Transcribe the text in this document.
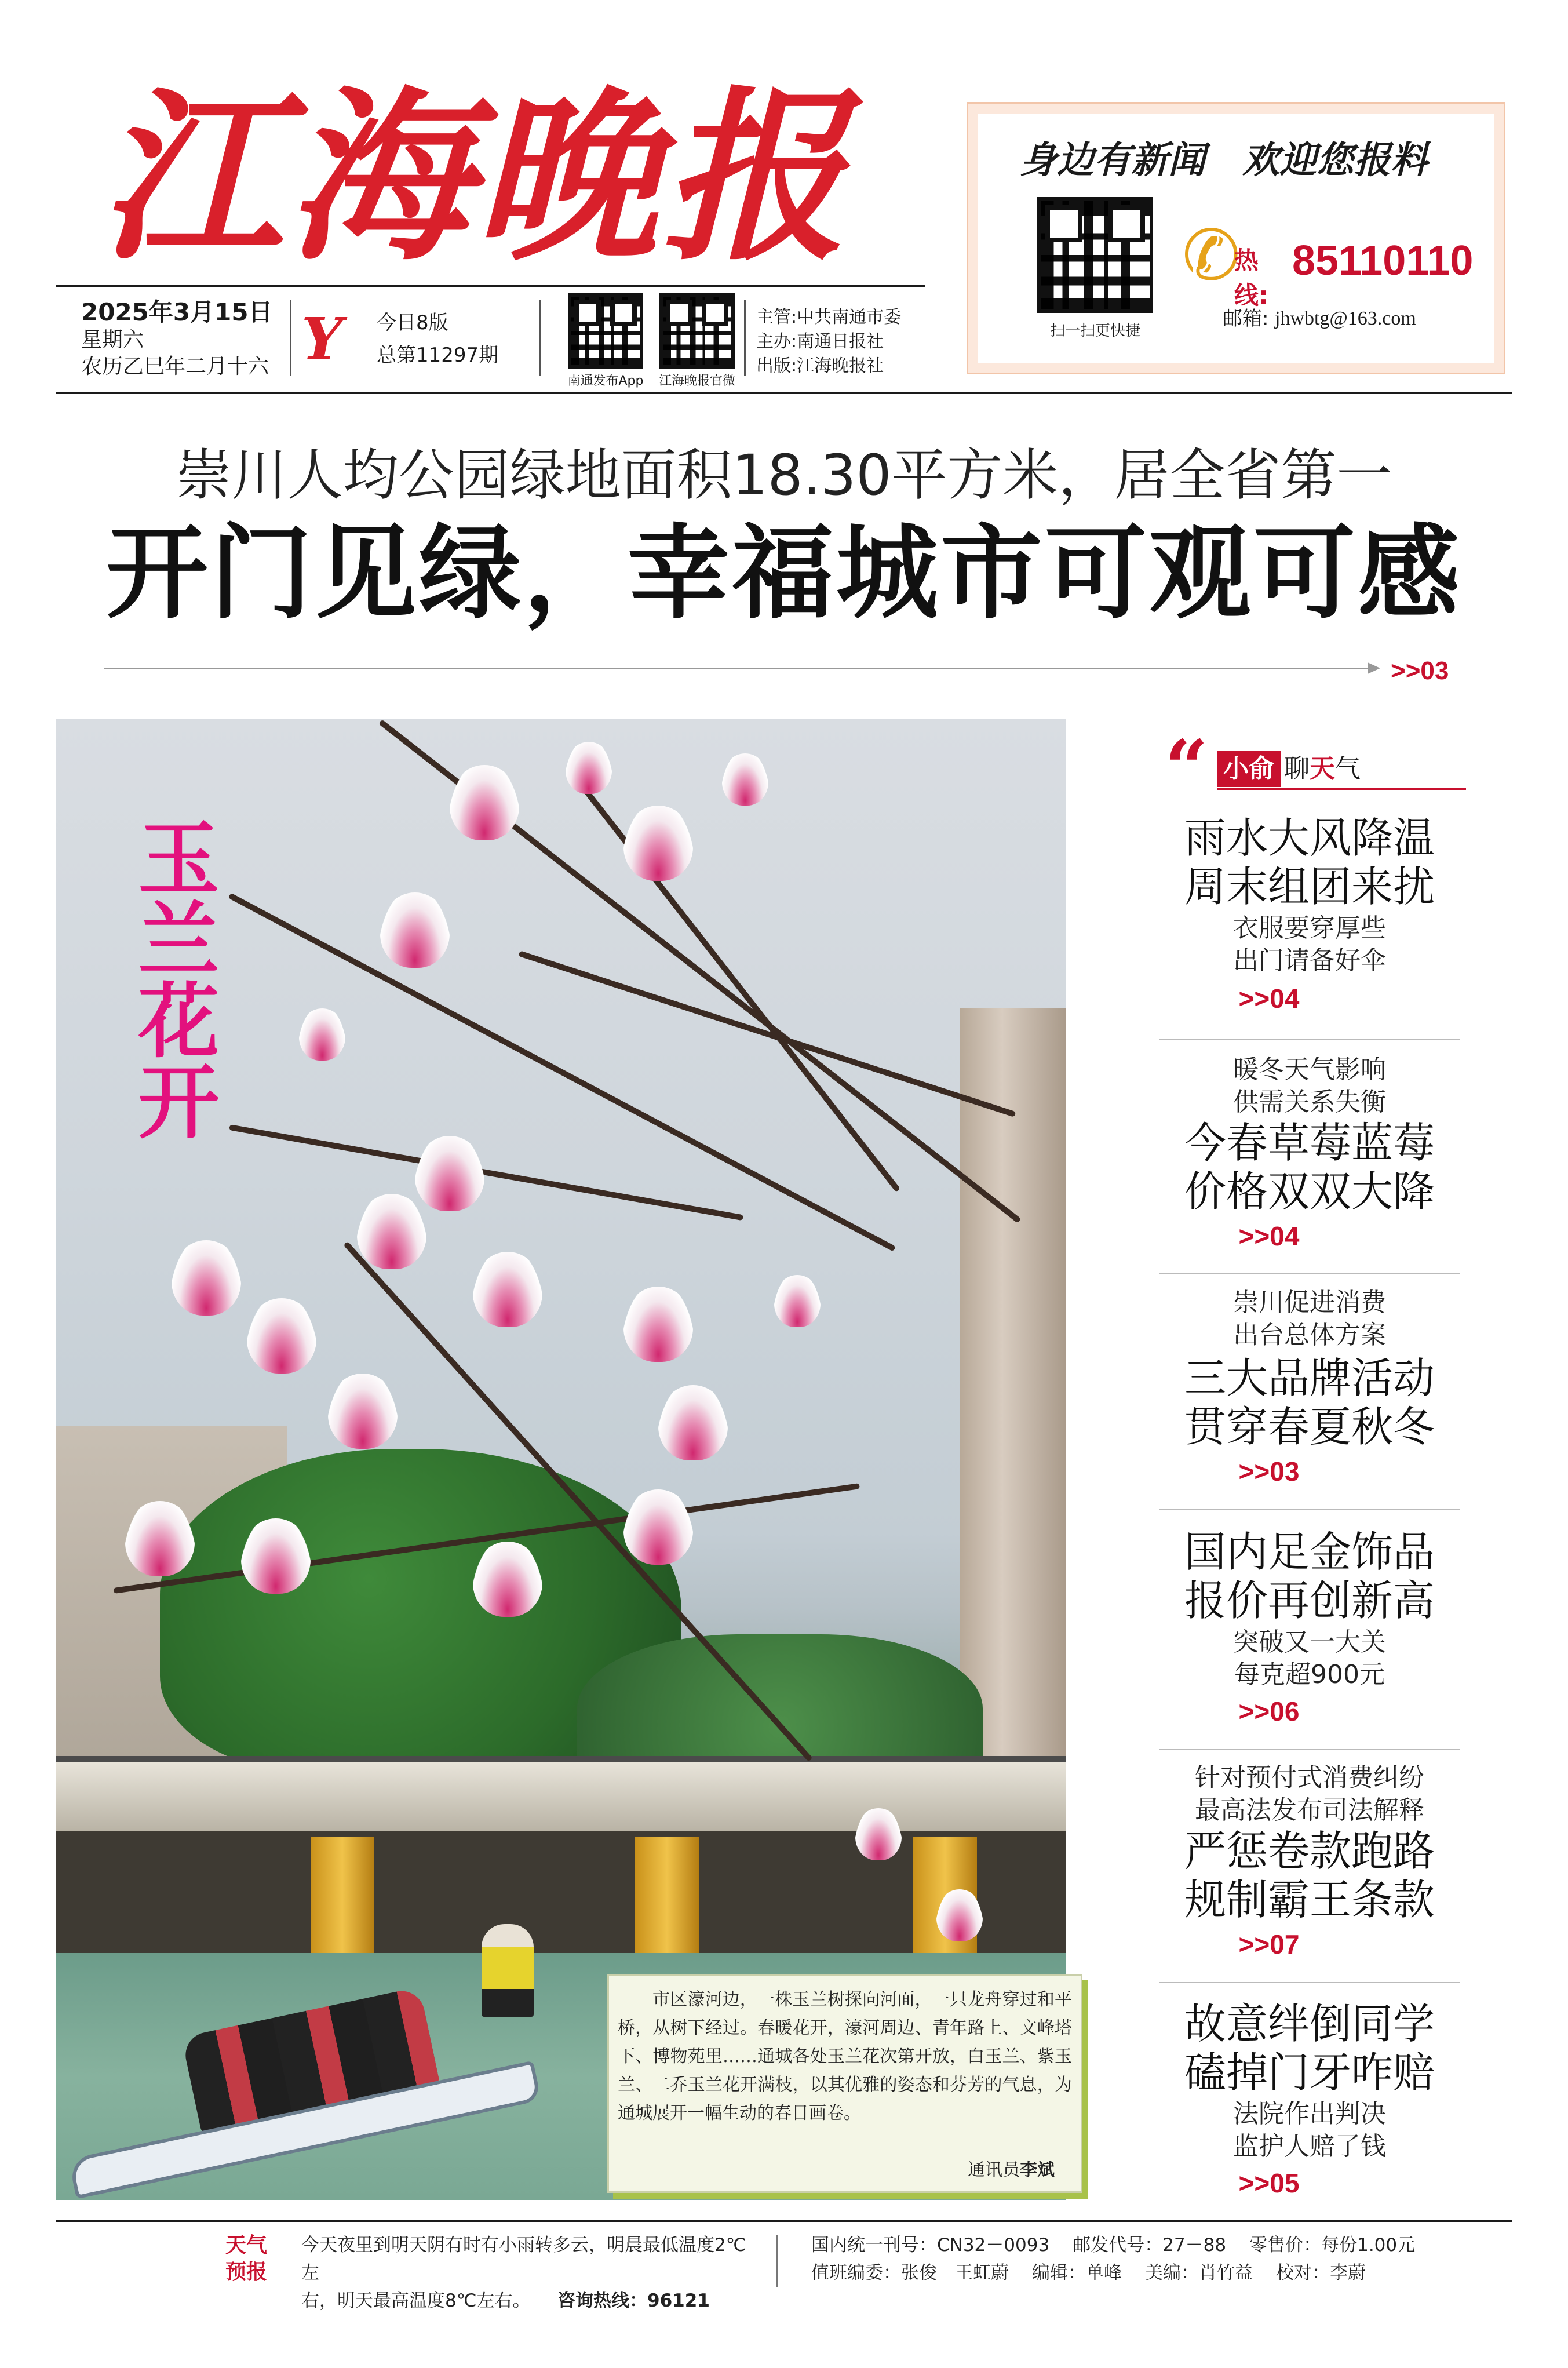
江海晚报	身边有新闻　欢迎您报料
扫一扫更快捷
✆
热线:
85110110
邮箱: jhwbtg@163.com
2025年3月15日
星期六
农历乙巳年二月十六 Y	今日8版
总第11297期
南通发布App	江海晚报官微
主管:中共南通市委
主办:南通日报社
出版:江海晚报社
崇川人均公园绿地面积18.30平方米，居全省第一
开门见绿，幸福城市可观可感
>>03
玉兰花开
市区濠河边，一株玉兰树探向河面，一只龙舟穿过和平桥，从树下经过。春暖花开，濠河周边、青年路上、文峰塔下、博物苑里……通城各处玉兰花次第开放，白玉兰、紫玉兰、二乔玉兰花开满枝，以其优雅的姿态和芬芳的气息，为通城展开一幅生动的春日画卷。
通讯员李斌
“ 小俞 聊天气
雨水大风降温
周末组团来扰
衣服要穿厚些
出门请备好伞
>>04
暖冬天气影响
供需关系失衡
今春草莓蓝莓
价格双双大降
>>04
崇川促进消费
出台总体方案
三大品牌活动
贯穿春夏秋冬
>>03
国内足金饰品
报价再创新高
突破又一大关
每克超900元
>>06
针对预付式消费纠纷
最高法发布司法解释
严惩卷款跑路
规制霸王条款
>>07
故意绊倒同学
磕掉门牙咋赔
法院作出判决
监护人赔了钱
>>05
天气
预报
今天夜里到明天阴有时有小雨转多云，明晨最低温度2℃左
右，明天最高温度8℃左右。　　 咨询热线：96121
国内统一刊号：CN32－0093 邮发代号：27－88 零售价：每份1.00元
值班编委：张俊　王虹蔚 编辑：单峰 美编：肖竹益 校对：李蔚
